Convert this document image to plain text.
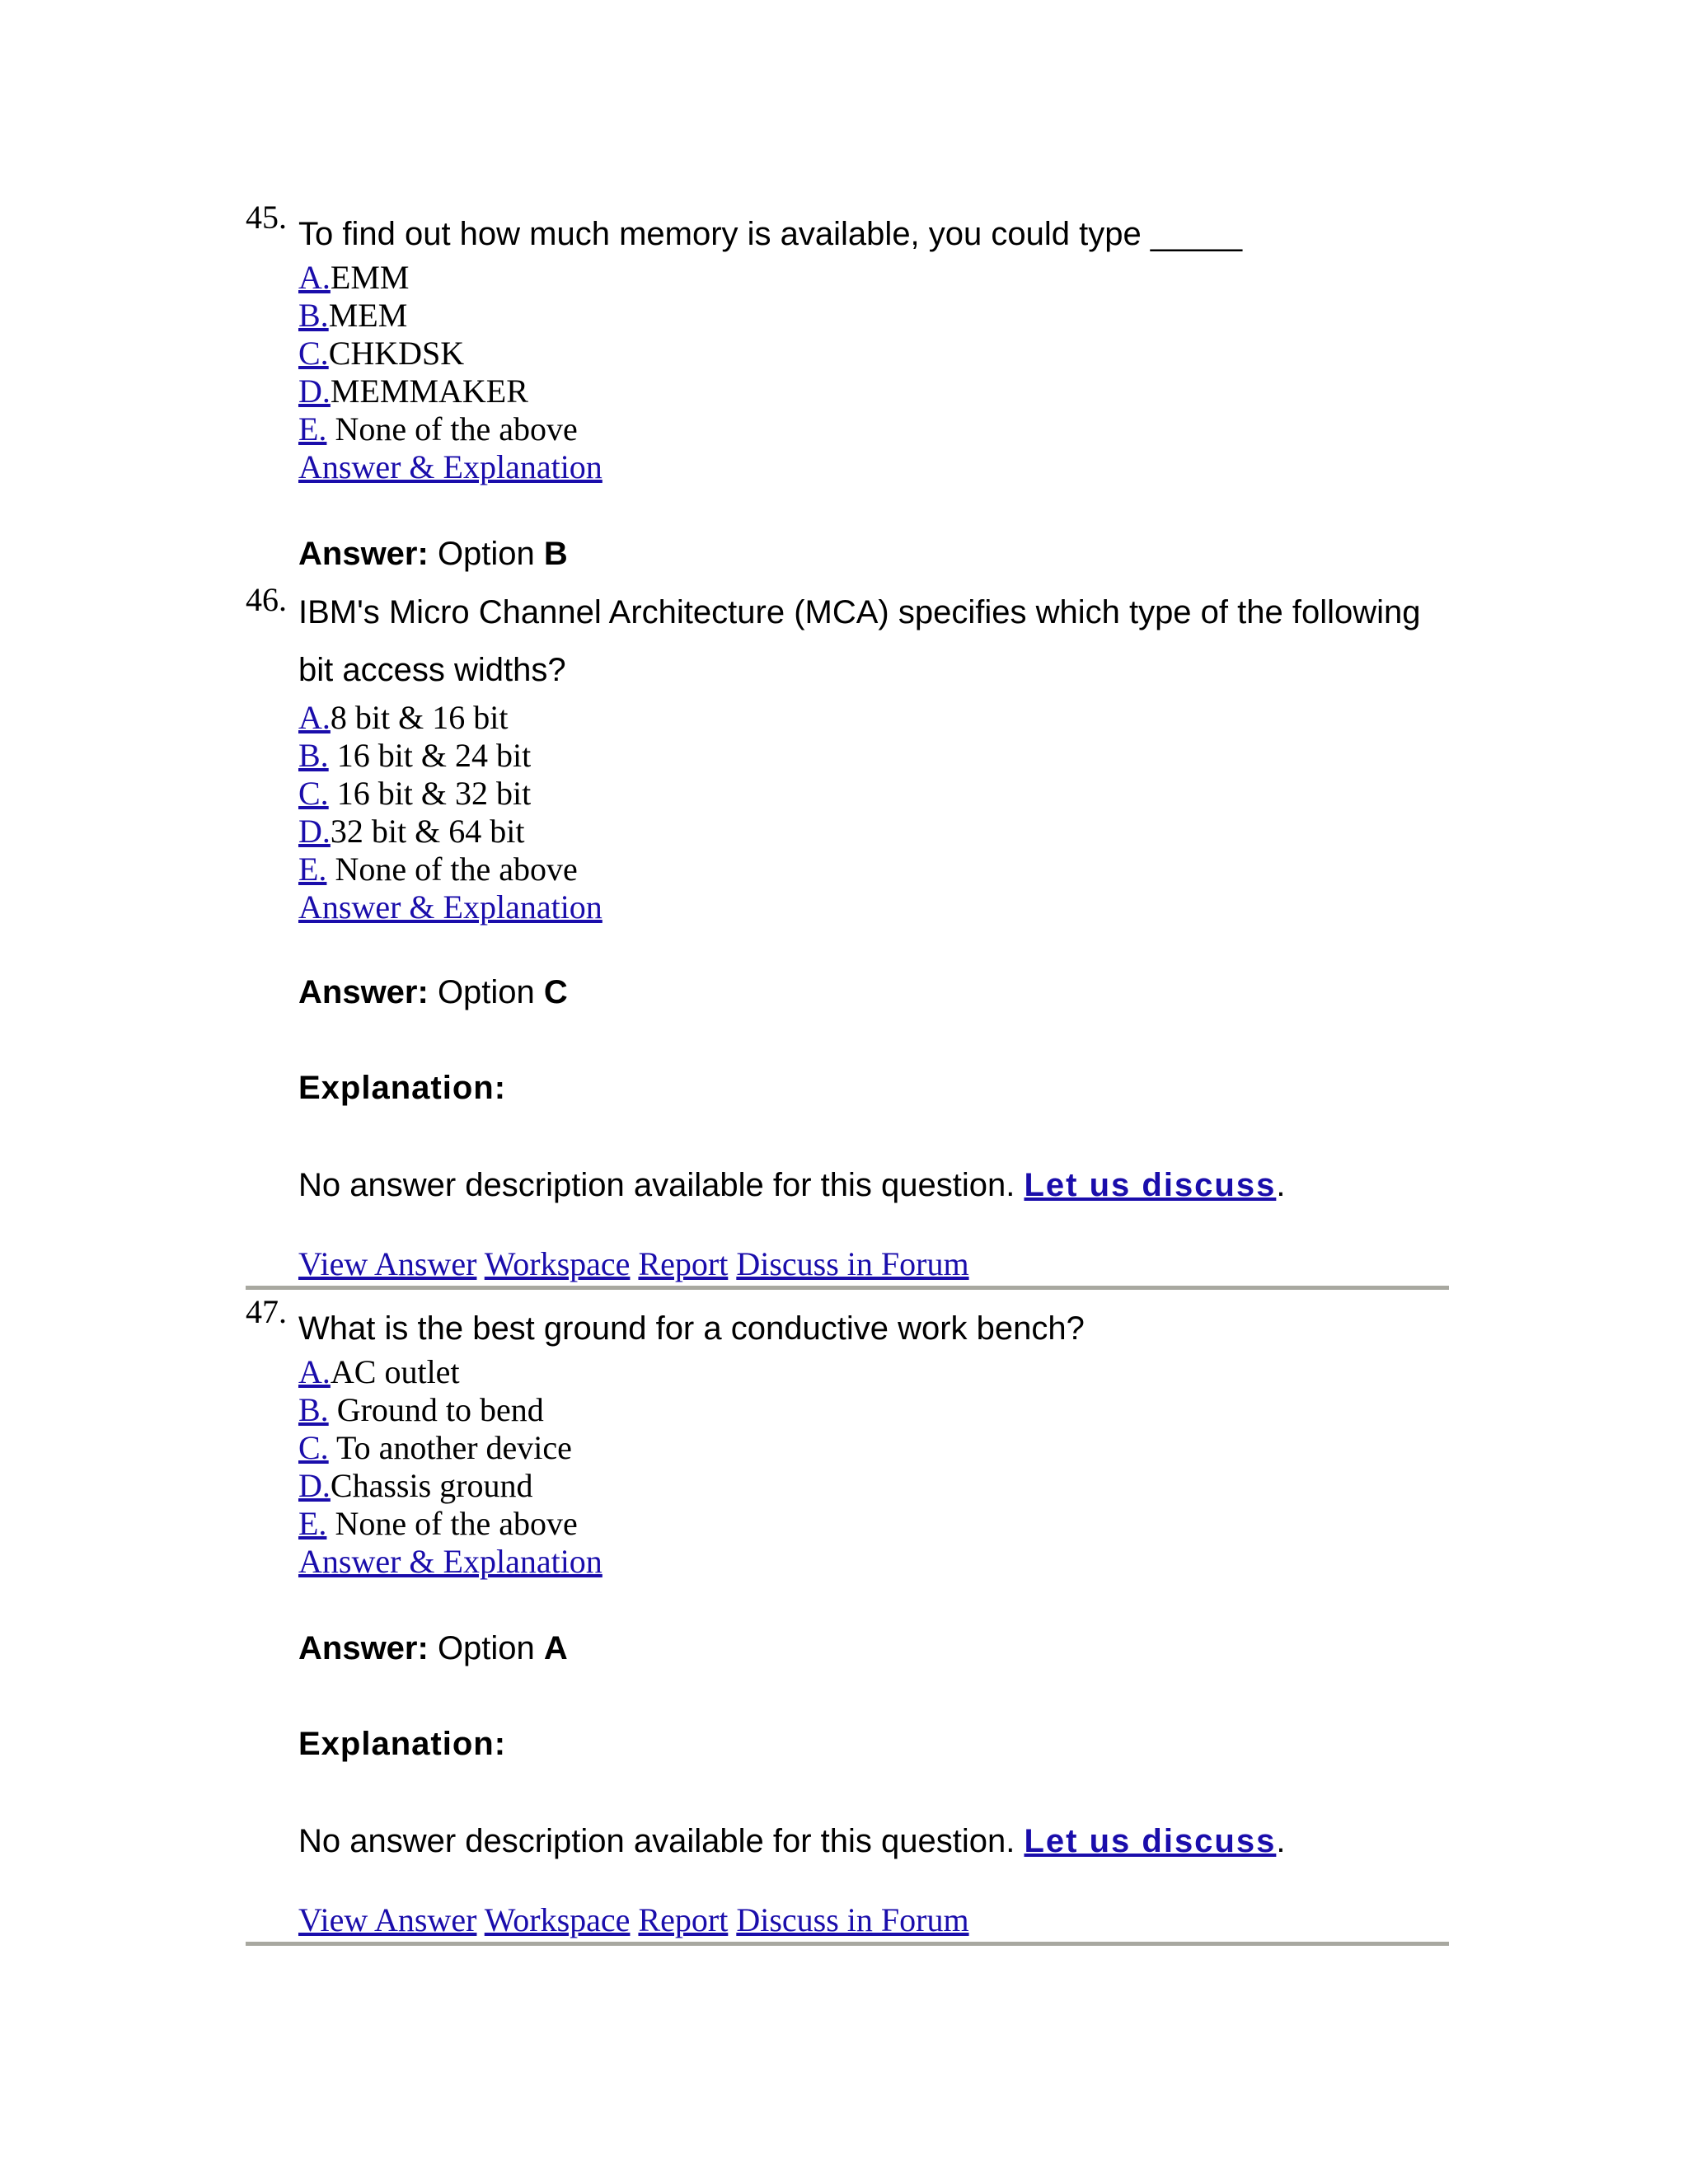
45. To find out how much memory is available, you could type _____

A.EMM
B.MEM
C.CHKDSK
D.MEMMAKER
E. None of the above
Answer & Explanation
Answer: Option B
46. IBM's Micro Channel Architecture (MCA) specifies which type of the following bit access widths?

A.8 bit & 16 bit
B. 16 bit & 24 bit
C. 16 bit & 32 bit
D.32 bit & 64 bit
E. None of the above
Answer & Explanation
Answer: Option C
Explanation:
No answer description available for this question. Let us discuss.
View Answer Workspace Report Discuss in Forum
47. What is the best ground for a conductive work bench?

A.AC outlet
B. Ground to bend
C. To another device
D.Chassis ground
E. None of the above
Answer & Explanation
Answer: Option A
Explanation:
No answer description available for this question. Let us discuss.
View Answer Workspace Report Discuss in Forum
